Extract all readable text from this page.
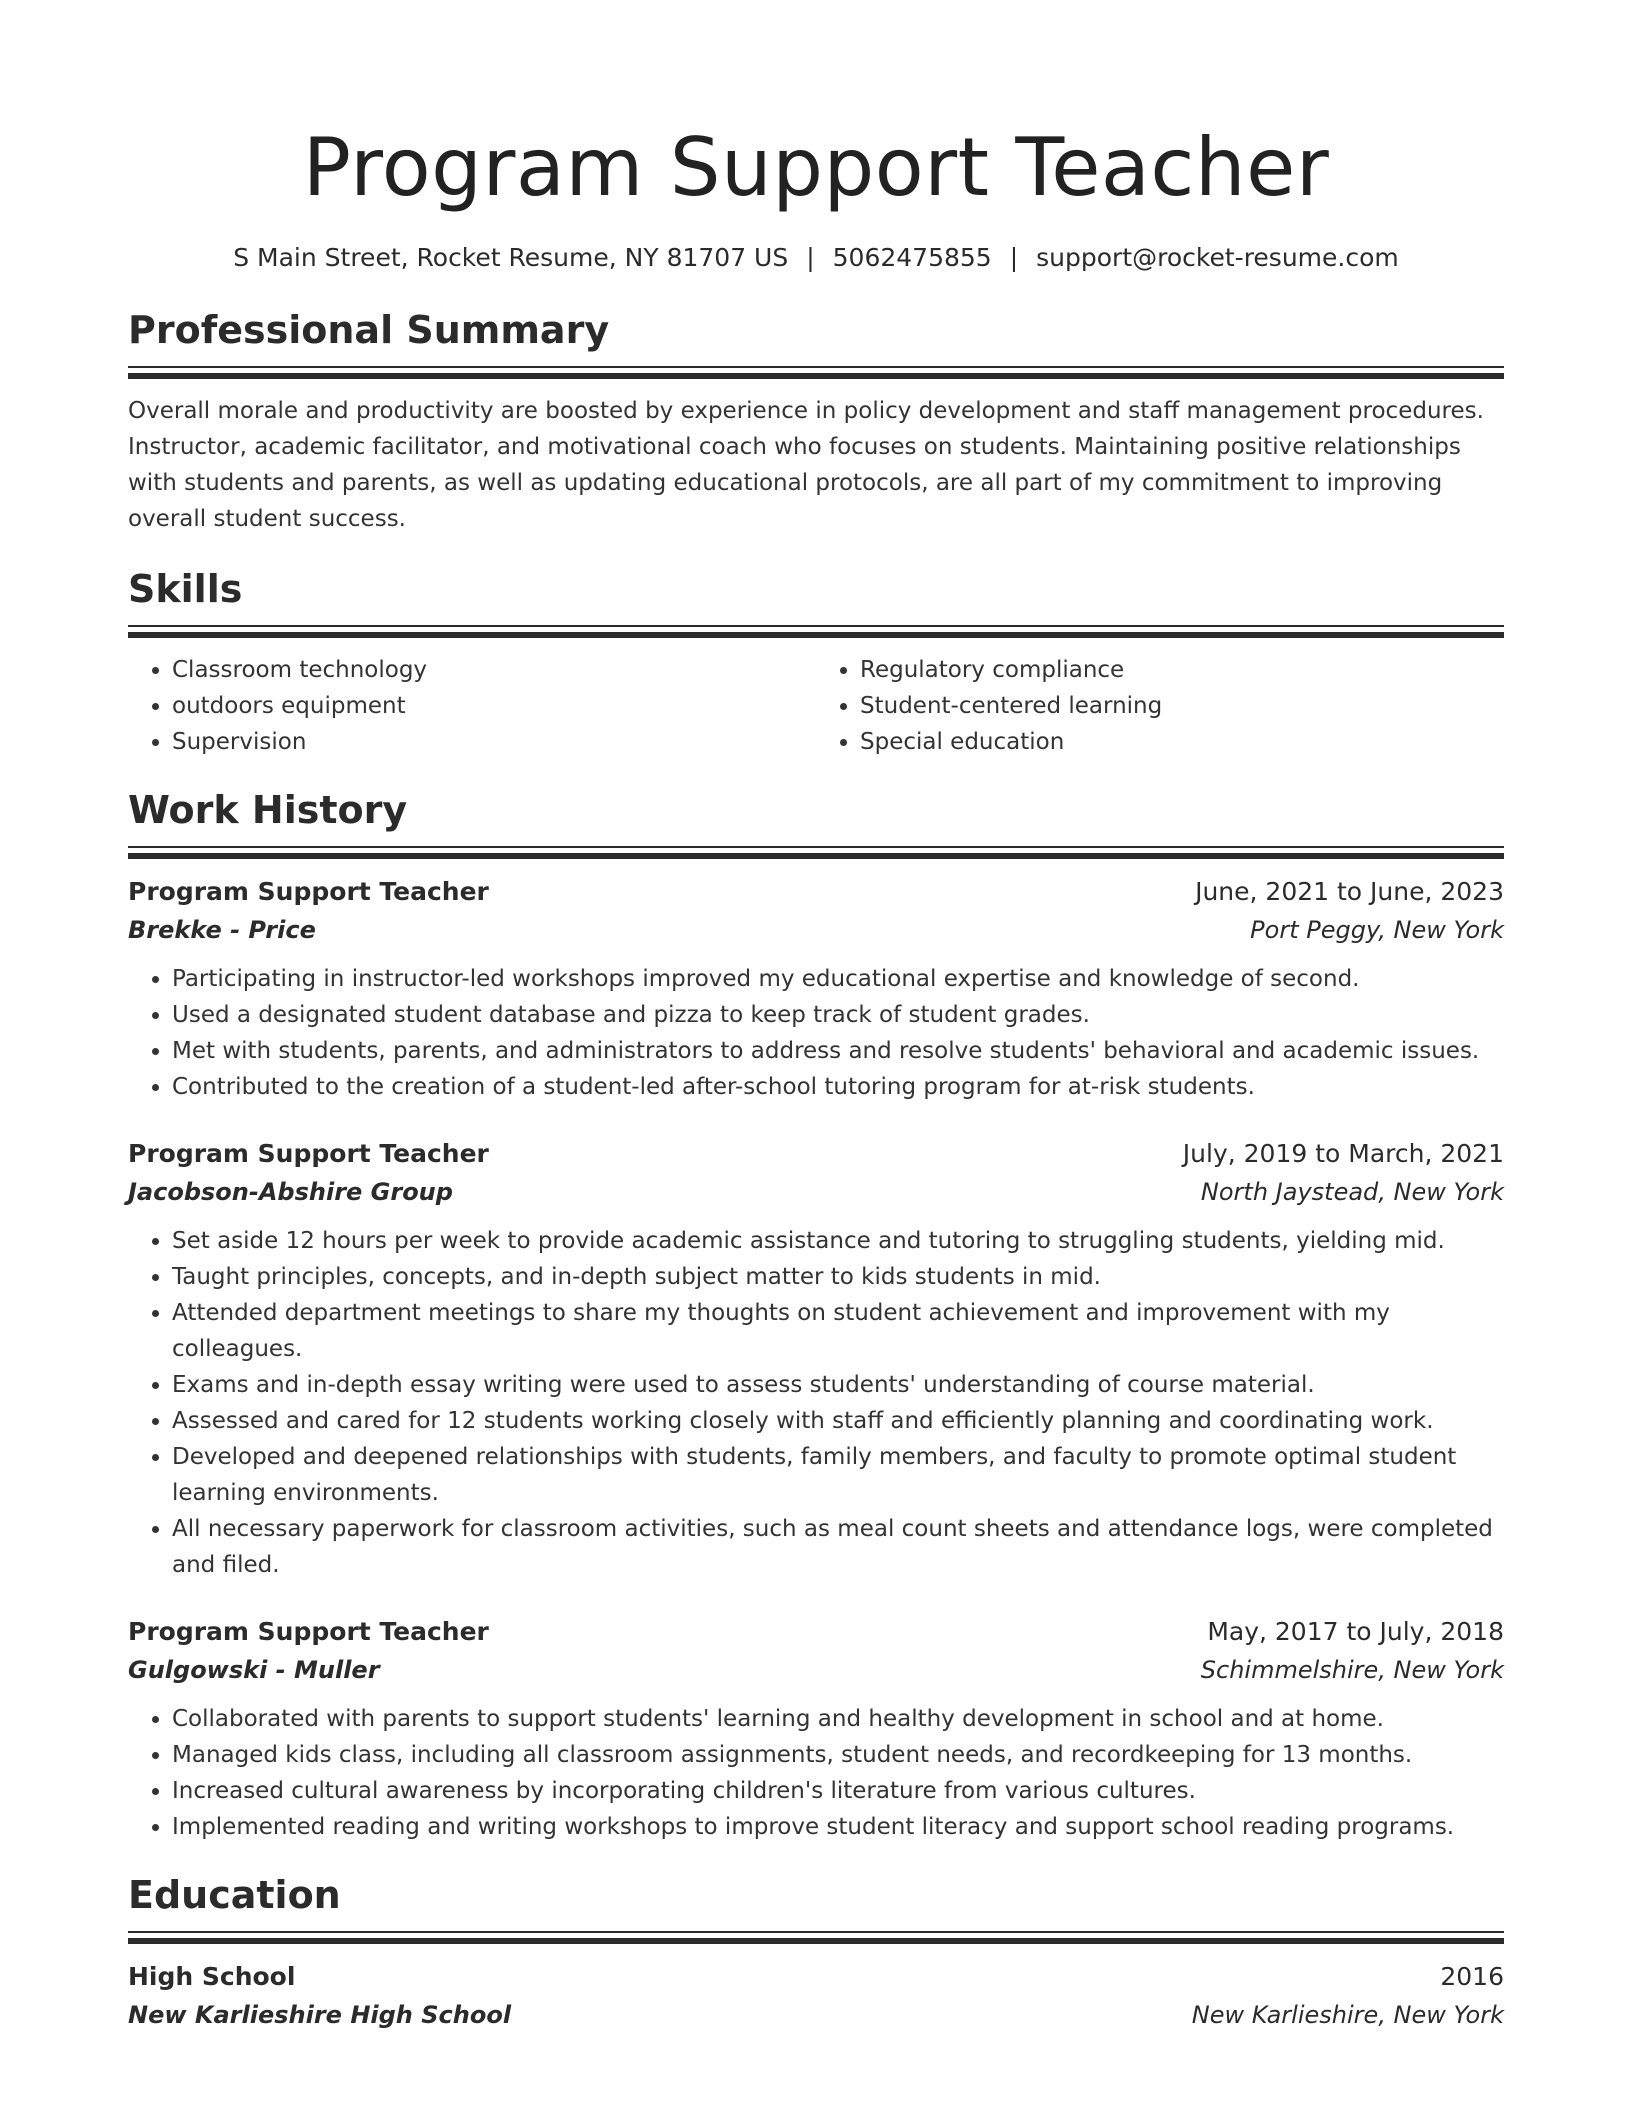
Program Support Teacher
S Main Street, Rocket Resume, NY 81707 US | 5062475855 | support@rocket-resume.com
Professional Summary
Overall morale and productivity are boosted by experience in policy development and staff management procedures. Instructor, academic facilitator, and motivational coach who focuses on students. Maintaining positive relationships with students and parents, as well as updating educational protocols, are all part of my commitment to improving overall student success.
Skills
• Classroom technology
• outdoors equipment
• Supervision
• Regulatory compliance
• Student-centered learning
• Special education
Work History
Program Support Teacher	June, 2021 to June, 2023
Brekke - Price	Port Peggy, New York
• Participating in instructor-led workshops improved my educational expertise and knowledge of second.
• Used a designated student database and pizza to keep track of student grades.
• Met with students, parents, and administrators to address and resolve students' behavioral and academic issues.
• Contributed to the creation of a student-led after-school tutoring program for at-risk students.
Program Support Teacher	July, 2019 to March, 2021
Jacobson-Abshire Group	North Jaystead, New York
• Set aside 12 hours per week to provide academic assistance and tutoring to struggling students, yielding mid.
• Taught principles, concepts, and in-depth subject matter to kids students in mid.
• Attended department meetings to share my thoughts on student achievement and improvement with my colleagues.
• Exams and in-depth essay writing were used to assess students' understanding of course material.
• Assessed and cared for 12 students working closely with staff and efficiently planning and coordinating work.
• Developed and deepened relationships with students, family members, and faculty to promote optimal student learning environments.
• All necessary paperwork for classroom activities, such as meal count sheets and attendance logs, were completed and filed.
Program Support Teacher	May, 2017 to July, 2018
Gulgowski - Muller	Schimmelshire, New York
• Collaborated with parents to support students' learning and healthy development in school and at home.
• Managed kids class, including all classroom assignments, student needs, and recordkeeping for 13 months.
• Increased cultural awareness by incorporating children's literature from various cultures.
• Implemented reading and writing workshops to improve student literacy and support school reading programs.
Education
High School	2016
New Karlieshire High School	New Karlieshire, New York
